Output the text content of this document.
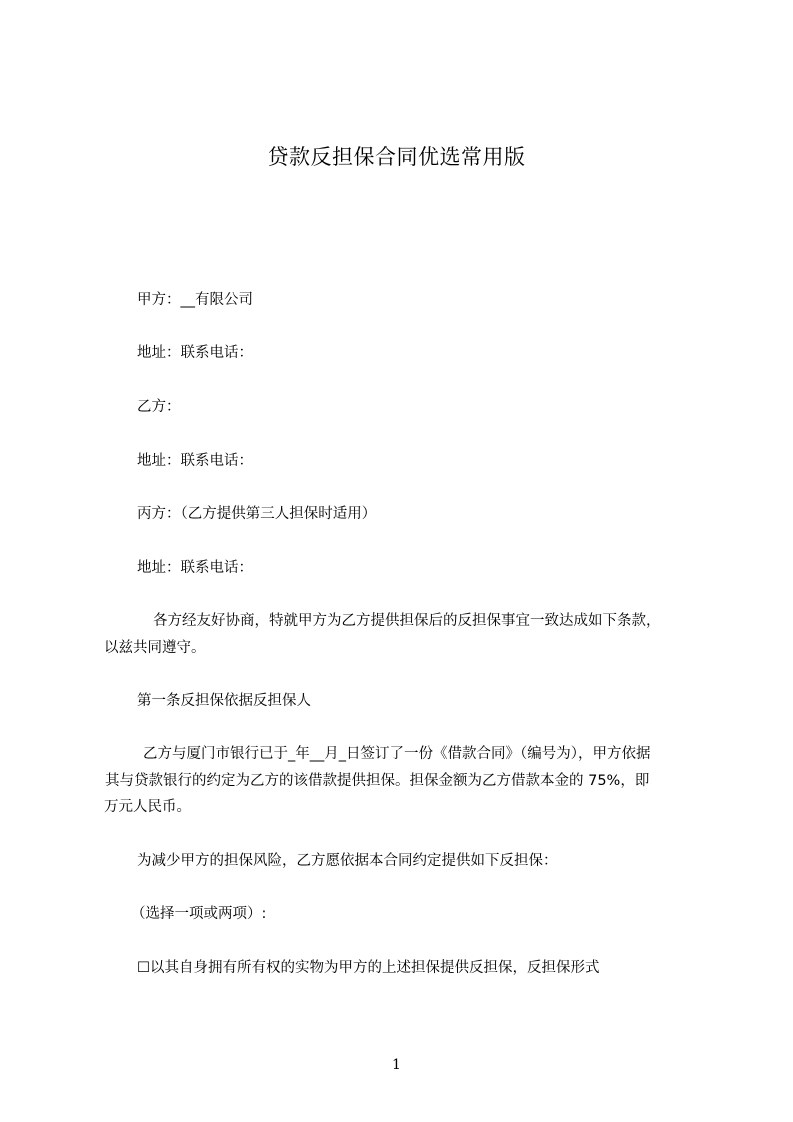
贷款反担保合同优选常用版
甲方：__有限公司
地址：联系电话：
乙方：
地址：联系电话：
丙方：（乙方提供第三人担保时适用）
地址：联系电话：
各方经友好协商，特就甲方为乙方提供担保后的反担保事宜一致达成如下条款，
以兹共同遵守。
第一条反担保依据反担保人
乙方与厦门市银行已于_年__月_日签订了一份《借款合同》（编号为），甲方依据
其与贷款银行的约定为乙方的该借款提供担保。担保金额为乙方借款本金的 75%，即
万元人民币。
为减少甲方的担保风险，乙方愿依据本合同约定提供如下反担保：
（选择一项或两项）:
☐以其自身拥有所有权的实物为甲方的上述担保提供反担保，反担保形式
1
